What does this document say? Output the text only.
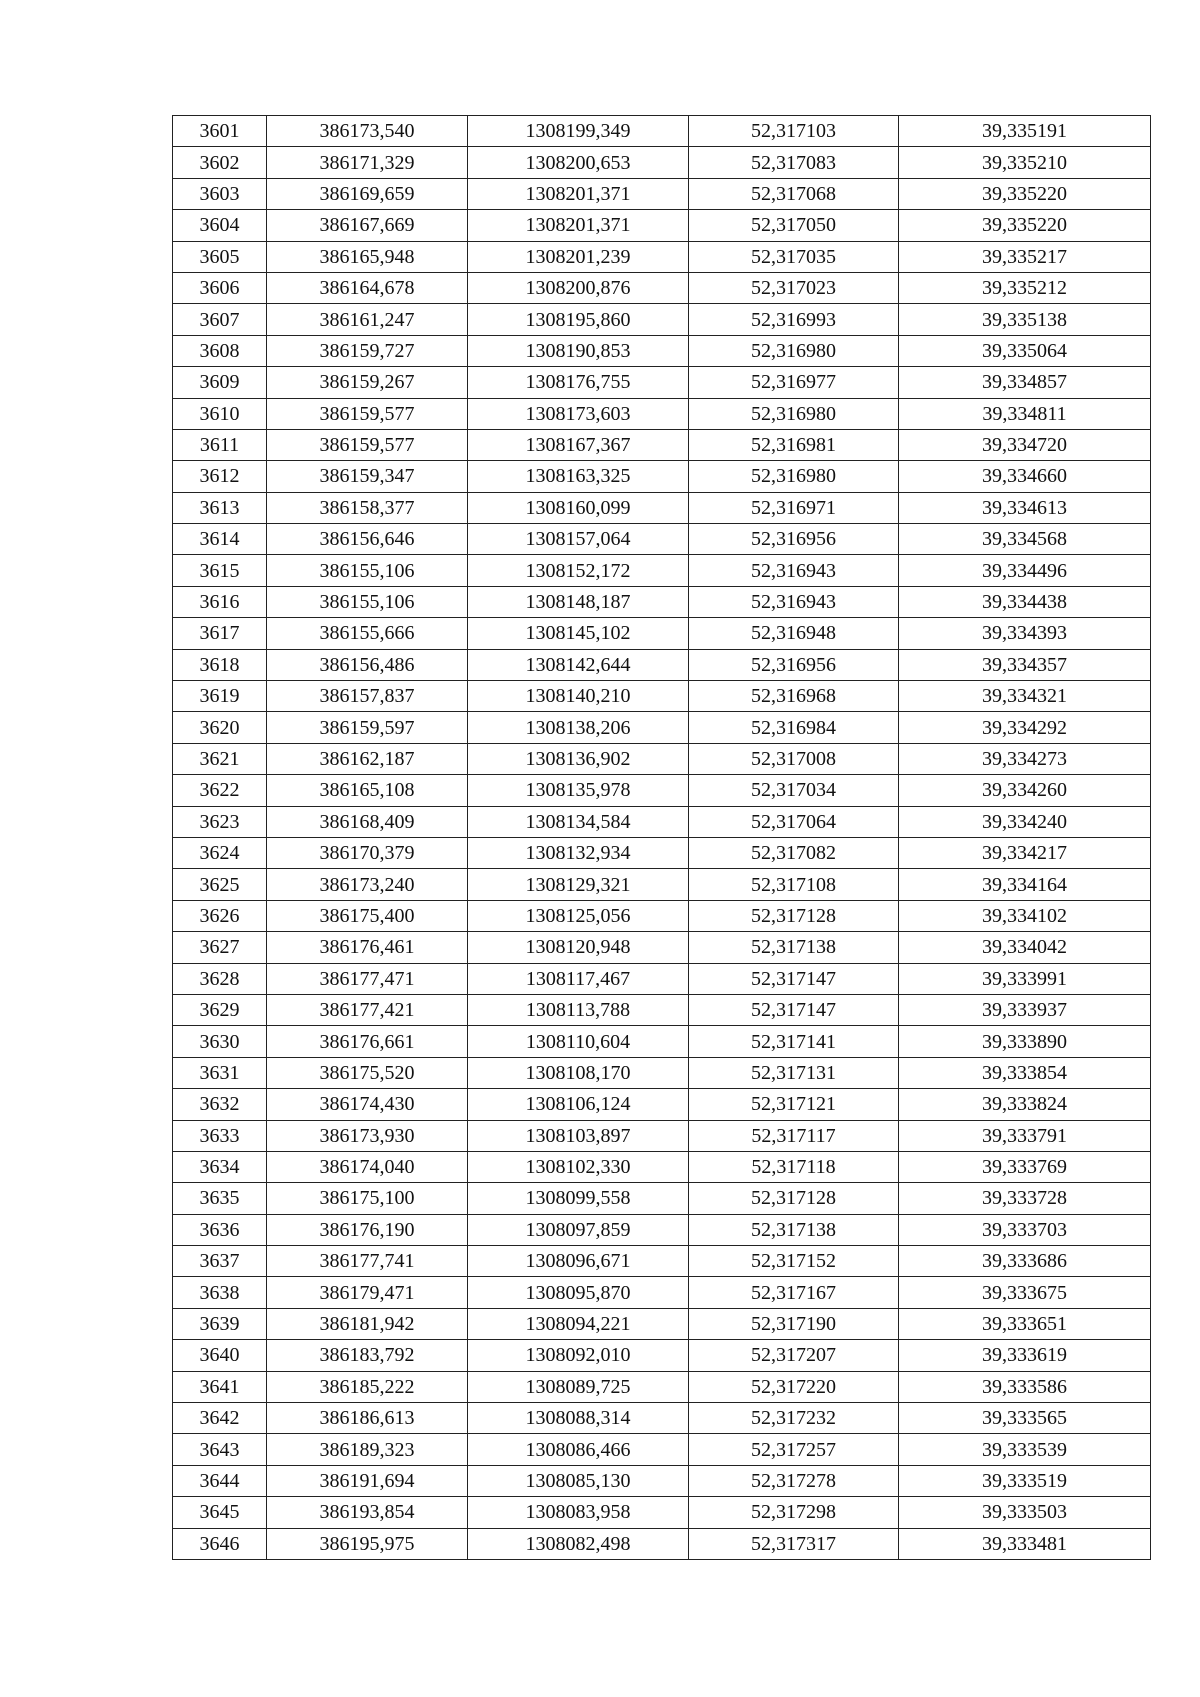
3601	386173,540	1308199,349	52,317103	39,335191
3602	386171,329	1308200,653	52,317083	39,335210
3603	386169,659	1308201,371	52,317068	39,335220
3604	386167,669	1308201,371	52,317050	39,335220
3605	386165,948	1308201,239	52,317035	39,335217
3606	386164,678	1308200,876	52,317023	39,335212
3607	386161,247	1308195,860	52,316993	39,335138
3608	386159,727	1308190,853	52,316980	39,335064
3609	386159,267	1308176,755	52,316977	39,334857
3610	386159,577	1308173,603	52,316980	39,334811
3611	386159,577	1308167,367	52,316981	39,334720
3612	386159,347	1308163,325	52,316980	39,334660
3613	386158,377	1308160,099	52,316971	39,334613
3614	386156,646	1308157,064	52,316956	39,334568
3615	386155,106	1308152,172	52,316943	39,334496
3616	386155,106	1308148,187	52,316943	39,334438
3617	386155,666	1308145,102	52,316948	39,334393
3618	386156,486	1308142,644	52,316956	39,334357
3619	386157,837	1308140,210	52,316968	39,334321
3620	386159,597	1308138,206	52,316984	39,334292
3621	386162,187	1308136,902	52,317008	39,334273
3622	386165,108	1308135,978	52,317034	39,334260
3623	386168,409	1308134,584	52,317064	39,334240
3624	386170,379	1308132,934	52,317082	39,334217
3625	386173,240	1308129,321	52,317108	39,334164
3626	386175,400	1308125,056	52,317128	39,334102
3627	386176,461	1308120,948	52,317138	39,334042
3628	386177,471	1308117,467	52,317147	39,333991
3629	386177,421	1308113,788	52,317147	39,333937
3630	386176,661	1308110,604	52,317141	39,333890
3631	386175,520	1308108,170	52,317131	39,333854
3632	386174,430	1308106,124	52,317121	39,333824
3633	386173,930	1308103,897	52,317117	39,333791
3634	386174,040	1308102,330	52,317118	39,333769
3635	386175,100	1308099,558	52,317128	39,333728
3636	386176,190	1308097,859	52,317138	39,333703
3637	386177,741	1308096,671	52,317152	39,333686
3638	386179,471	1308095,870	52,317167	39,333675
3639	386181,942	1308094,221	52,317190	39,333651
3640	386183,792	1308092,010	52,317207	39,333619
3641	386185,222	1308089,725	52,317220	39,333586
3642	386186,613	1308088,314	52,317232	39,333565
3643	386189,323	1308086,466	52,317257	39,333539
3644	386191,694	1308085,130	52,317278	39,333519
3645	386193,854	1308083,958	52,317298	39,333503
3646	386195,975	1308082,498	52,317317	39,333481
